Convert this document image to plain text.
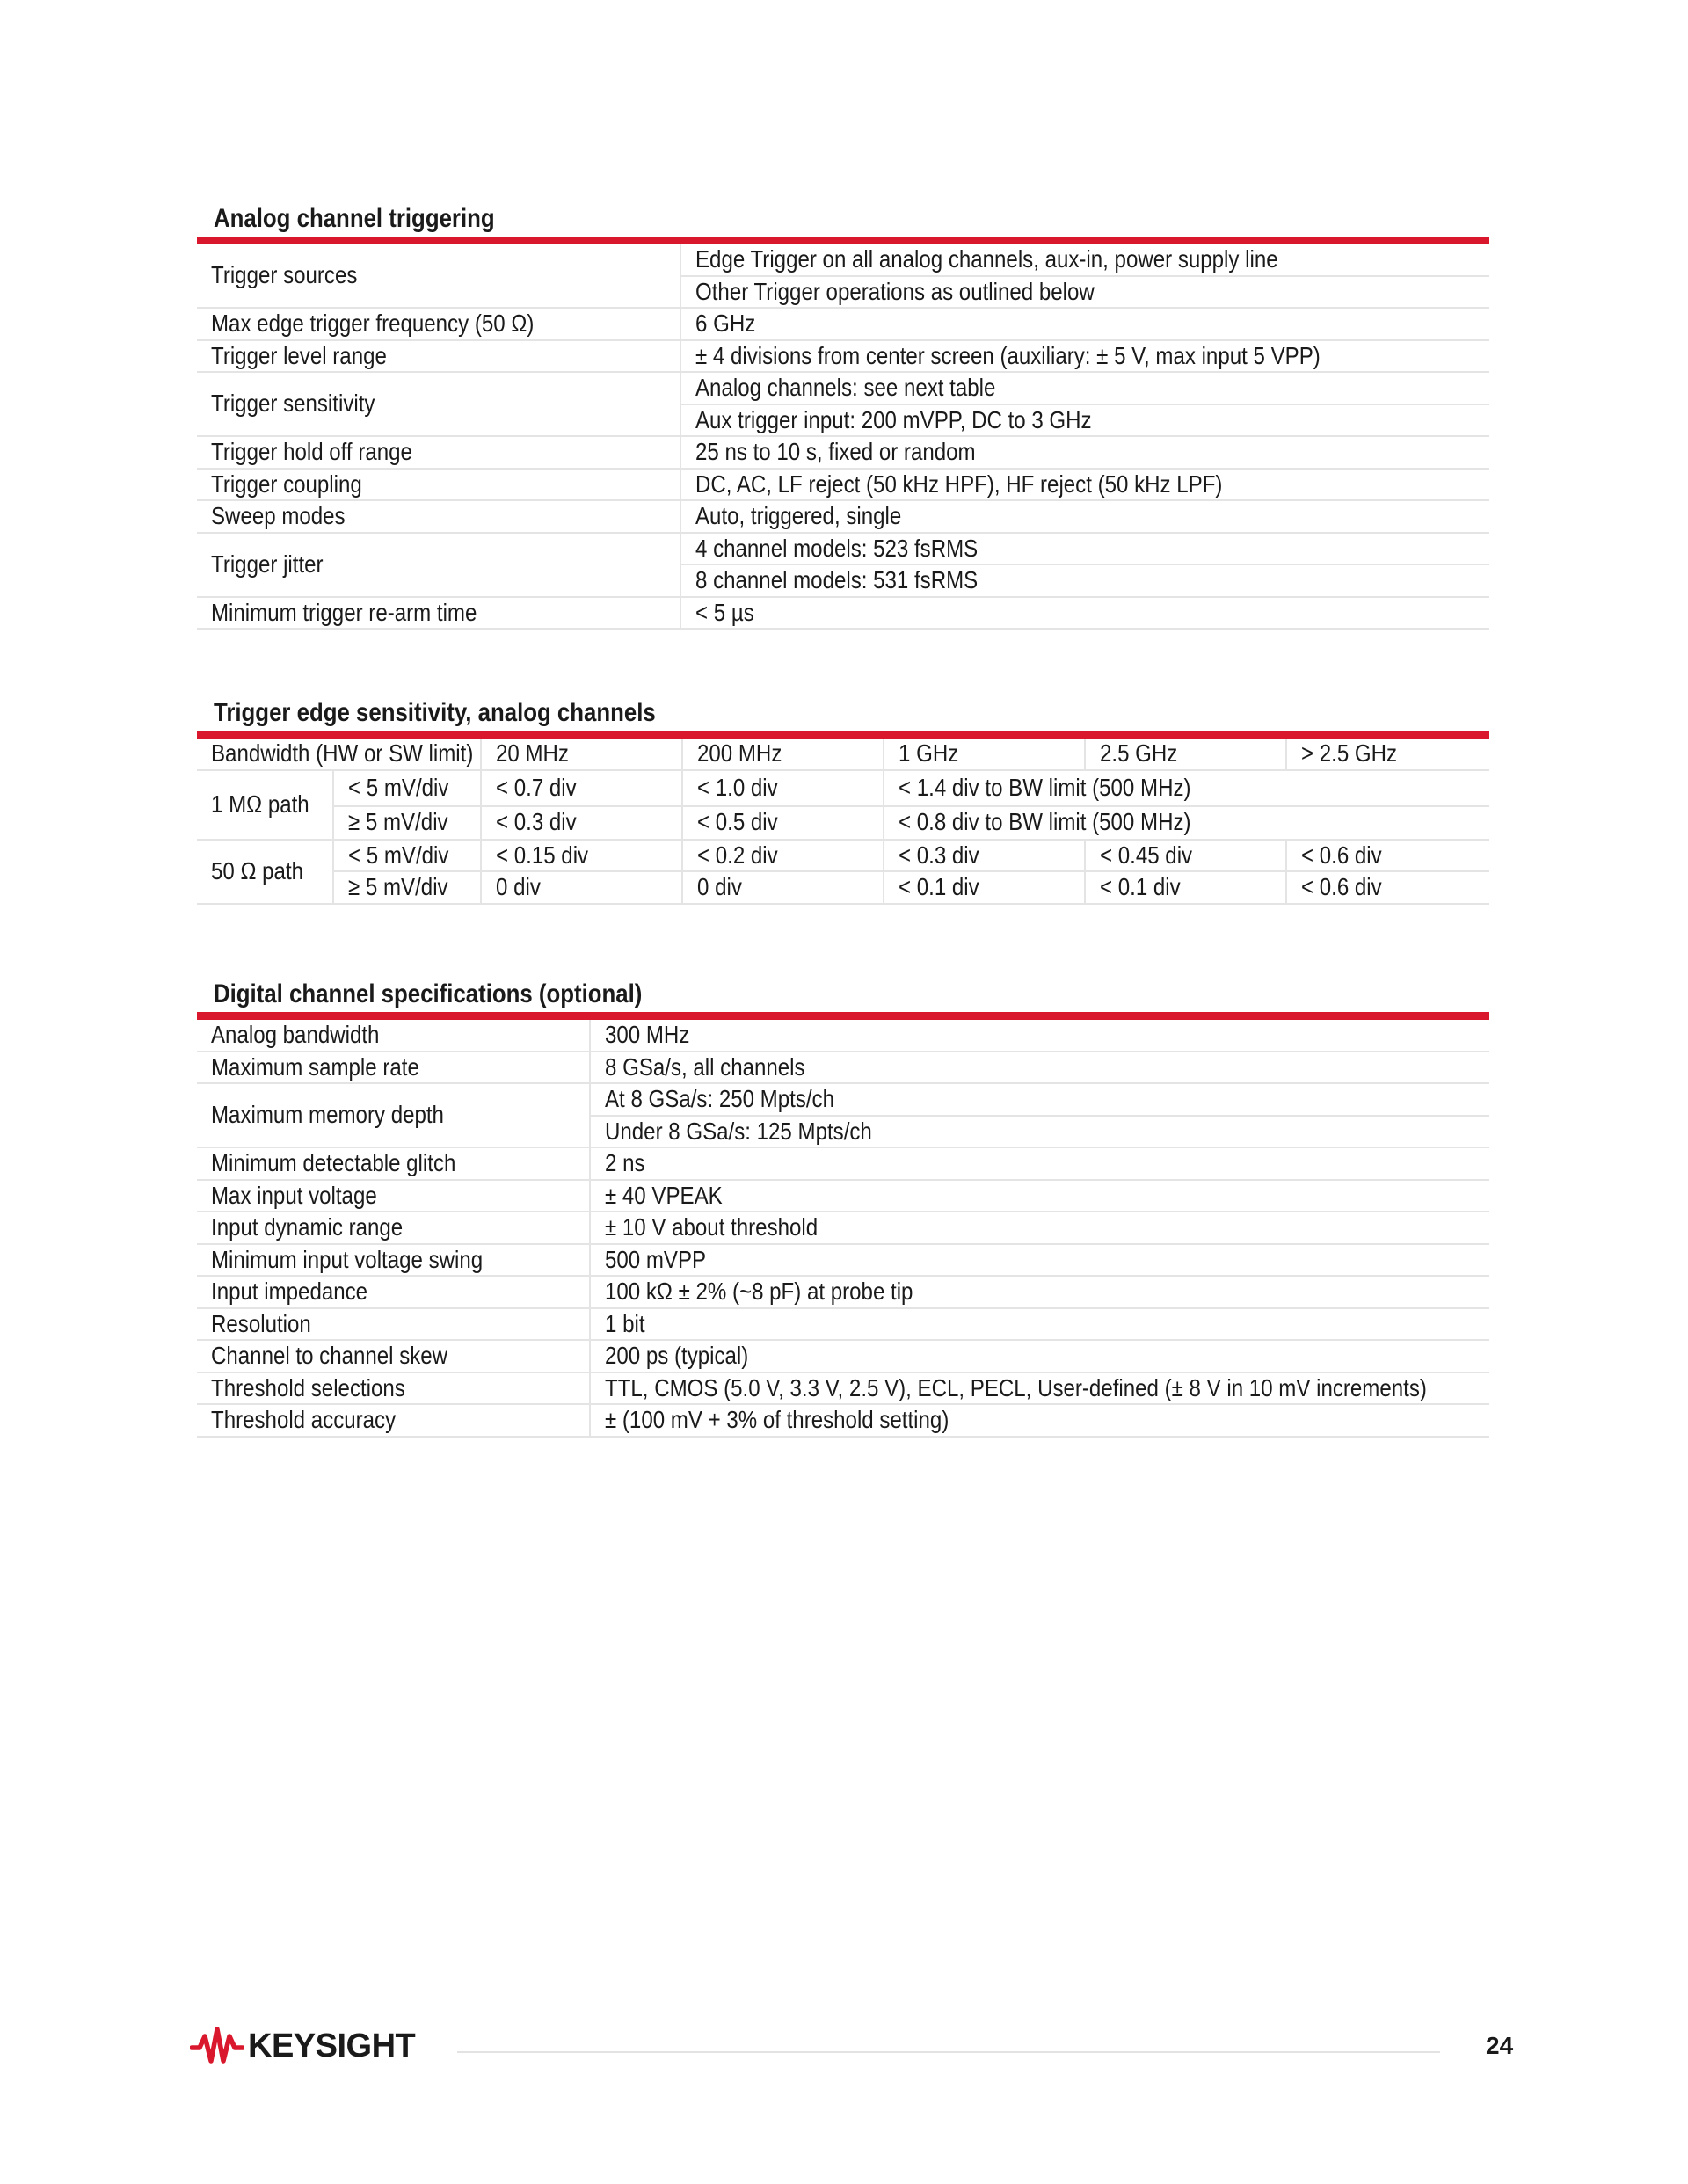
Analog channel triggering
Trigger sources	Edge Trigger on all analog channels, aux-in, power supply line
	Other Trigger operations as outlined below
Max edge trigger frequency (50 Ω)	6 GHz
Trigger level range	± 4 divisions from center screen (auxiliary: ± 5 V, max input 5 VPP)
Trigger sensitivity	Analog channels: see next table
	Aux trigger input: 200 mVPP, DC to 3 GHz
Trigger hold off range	25 ns to 10 s, fixed or random
Trigger coupling	DC, AC, LF reject (50 kHz HPF), HF reject (50 kHz LPF)
Sweep modes	Auto, triggered, single
Trigger jitter	4 channel models: 523 fsRMS
	8 channel models: 531 fsRMS
Minimum trigger re-arm time	< 5 µs
Trigger edge sensitivity, analog channels
Bandwidth (HW or SW limit)		20 MHz	200 MHz	1 GHz	2.5 GHz	> 2.5 GHz
1 MΩ path	< 5 mV/div	< 0.7 div	< 1.0 div	< 1.4 div to BW limit (500 MHz)		
	≥ 5 mV/div	< 0.3 div	< 0.5 div	< 0.8 div to BW limit (500 MHz)		
50 Ω path	< 5 mV/div	< 0.15 div	< 0.2 div	< 0.3 div	< 0.45 div	< 0.6 div
	≥ 5 mV/div	0 div	0 div	< 0.1 div	< 0.1 div	< 0.6 div
Digital channel specifications (optional)
Analog bandwidth	300 MHz
Maximum sample rate	8 GSa/s, all channels
Maximum memory depth	At 8 GSa/s: 250 Mpts/ch
	Under 8 GSa/s: 125 Mpts/ch
Minimum detectable glitch	2 ns
Max input voltage	± 40 VPEAK
Input dynamic range	± 10 V about threshold
Minimum input voltage swing	500 mVPP
Input impedance	100 kΩ ± 2% (~8 pF) at probe tip
Resolution	1 bit
Channel to channel skew	200 ps (typical)
Threshold selections	TTL, CMOS (5.0 V, 3.3 V, 2.5 V), ECL, PECL, User-defined (± 8 V in 10 mV increments)
Threshold accuracy	± (100 mV + 3% of threshold setting)
KEYSIGHT	24
